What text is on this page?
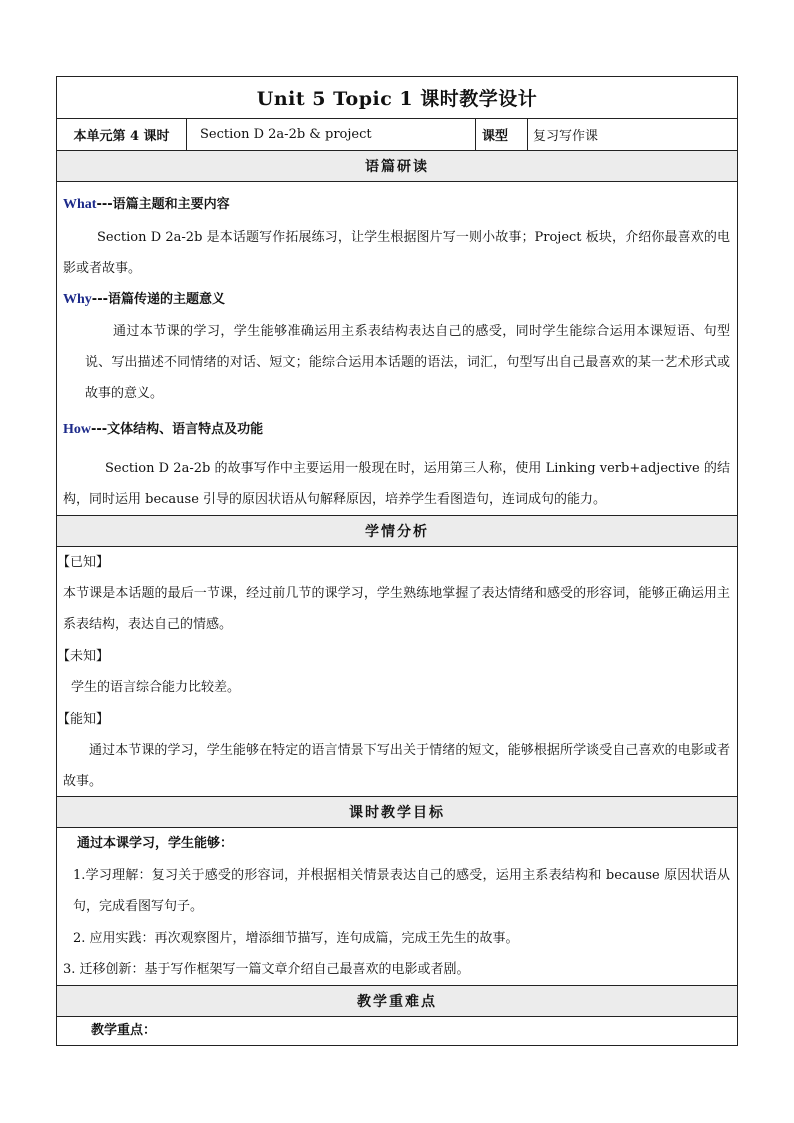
Unit 5 Topic 1 课时教学设计
本单元第 4 课时	Section D 2a-2b & project	课型	复习写作课
语篇研读
What---语篇主题和主要内容
Section D 2a-2b 是本话题写作拓展练习，让学生根据图片写一则小故事；Project 板块，介绍你最喜欢的电影或者故事。
Why---语篇传递的主题意义
通过本节课的学习，学生能够准确运用主系表结构表达自己的感受，同时学生能综合运用本课短语、句型说、写出描述不同情绪的对话、短文；能综合运用本话题的语法，词汇，句型写出自己最喜欢的某一艺术形式或故事的意义。
How---文体结构、语言特点及功能
Section D 2a-2b 的故事写作中主要运用一般现在时，运用第三人称，使用 Linking verb+adjective 的结构，同时运用 because 引导的原因状语从句解释原因，培养学生看图造句，连词成句的能力。
学情分析
【已知】
本节课是本话题的最后一节课，经过前几节的课学习，学生熟练地掌握了表达情绪和感受的形容词，能够正确运用主系表结构，表达自己的情感。
【未知】
学生的语言综合能力比较差。
【能知】
通过本节课的学习，学生能够在特定的语言情景下写出关于情绪的短文，能够根据所学谈受自己喜欢的电影或者故事。
课时教学目标
通过本课学习，学生能够：
1.学习理解：复习关于感受的形容词，并根据相关情景表达自己的感受，运用主系表结构和 because 原因状语从句，完成看图写句子。
2. 应用实践：再次观察图片，增添细节描写，连句成篇，完成王先生的故事。
3. 迁移创新：基于写作框架写一篇文章介绍自己最喜欢的电影或者剧。
教学重难点
教学重点：
